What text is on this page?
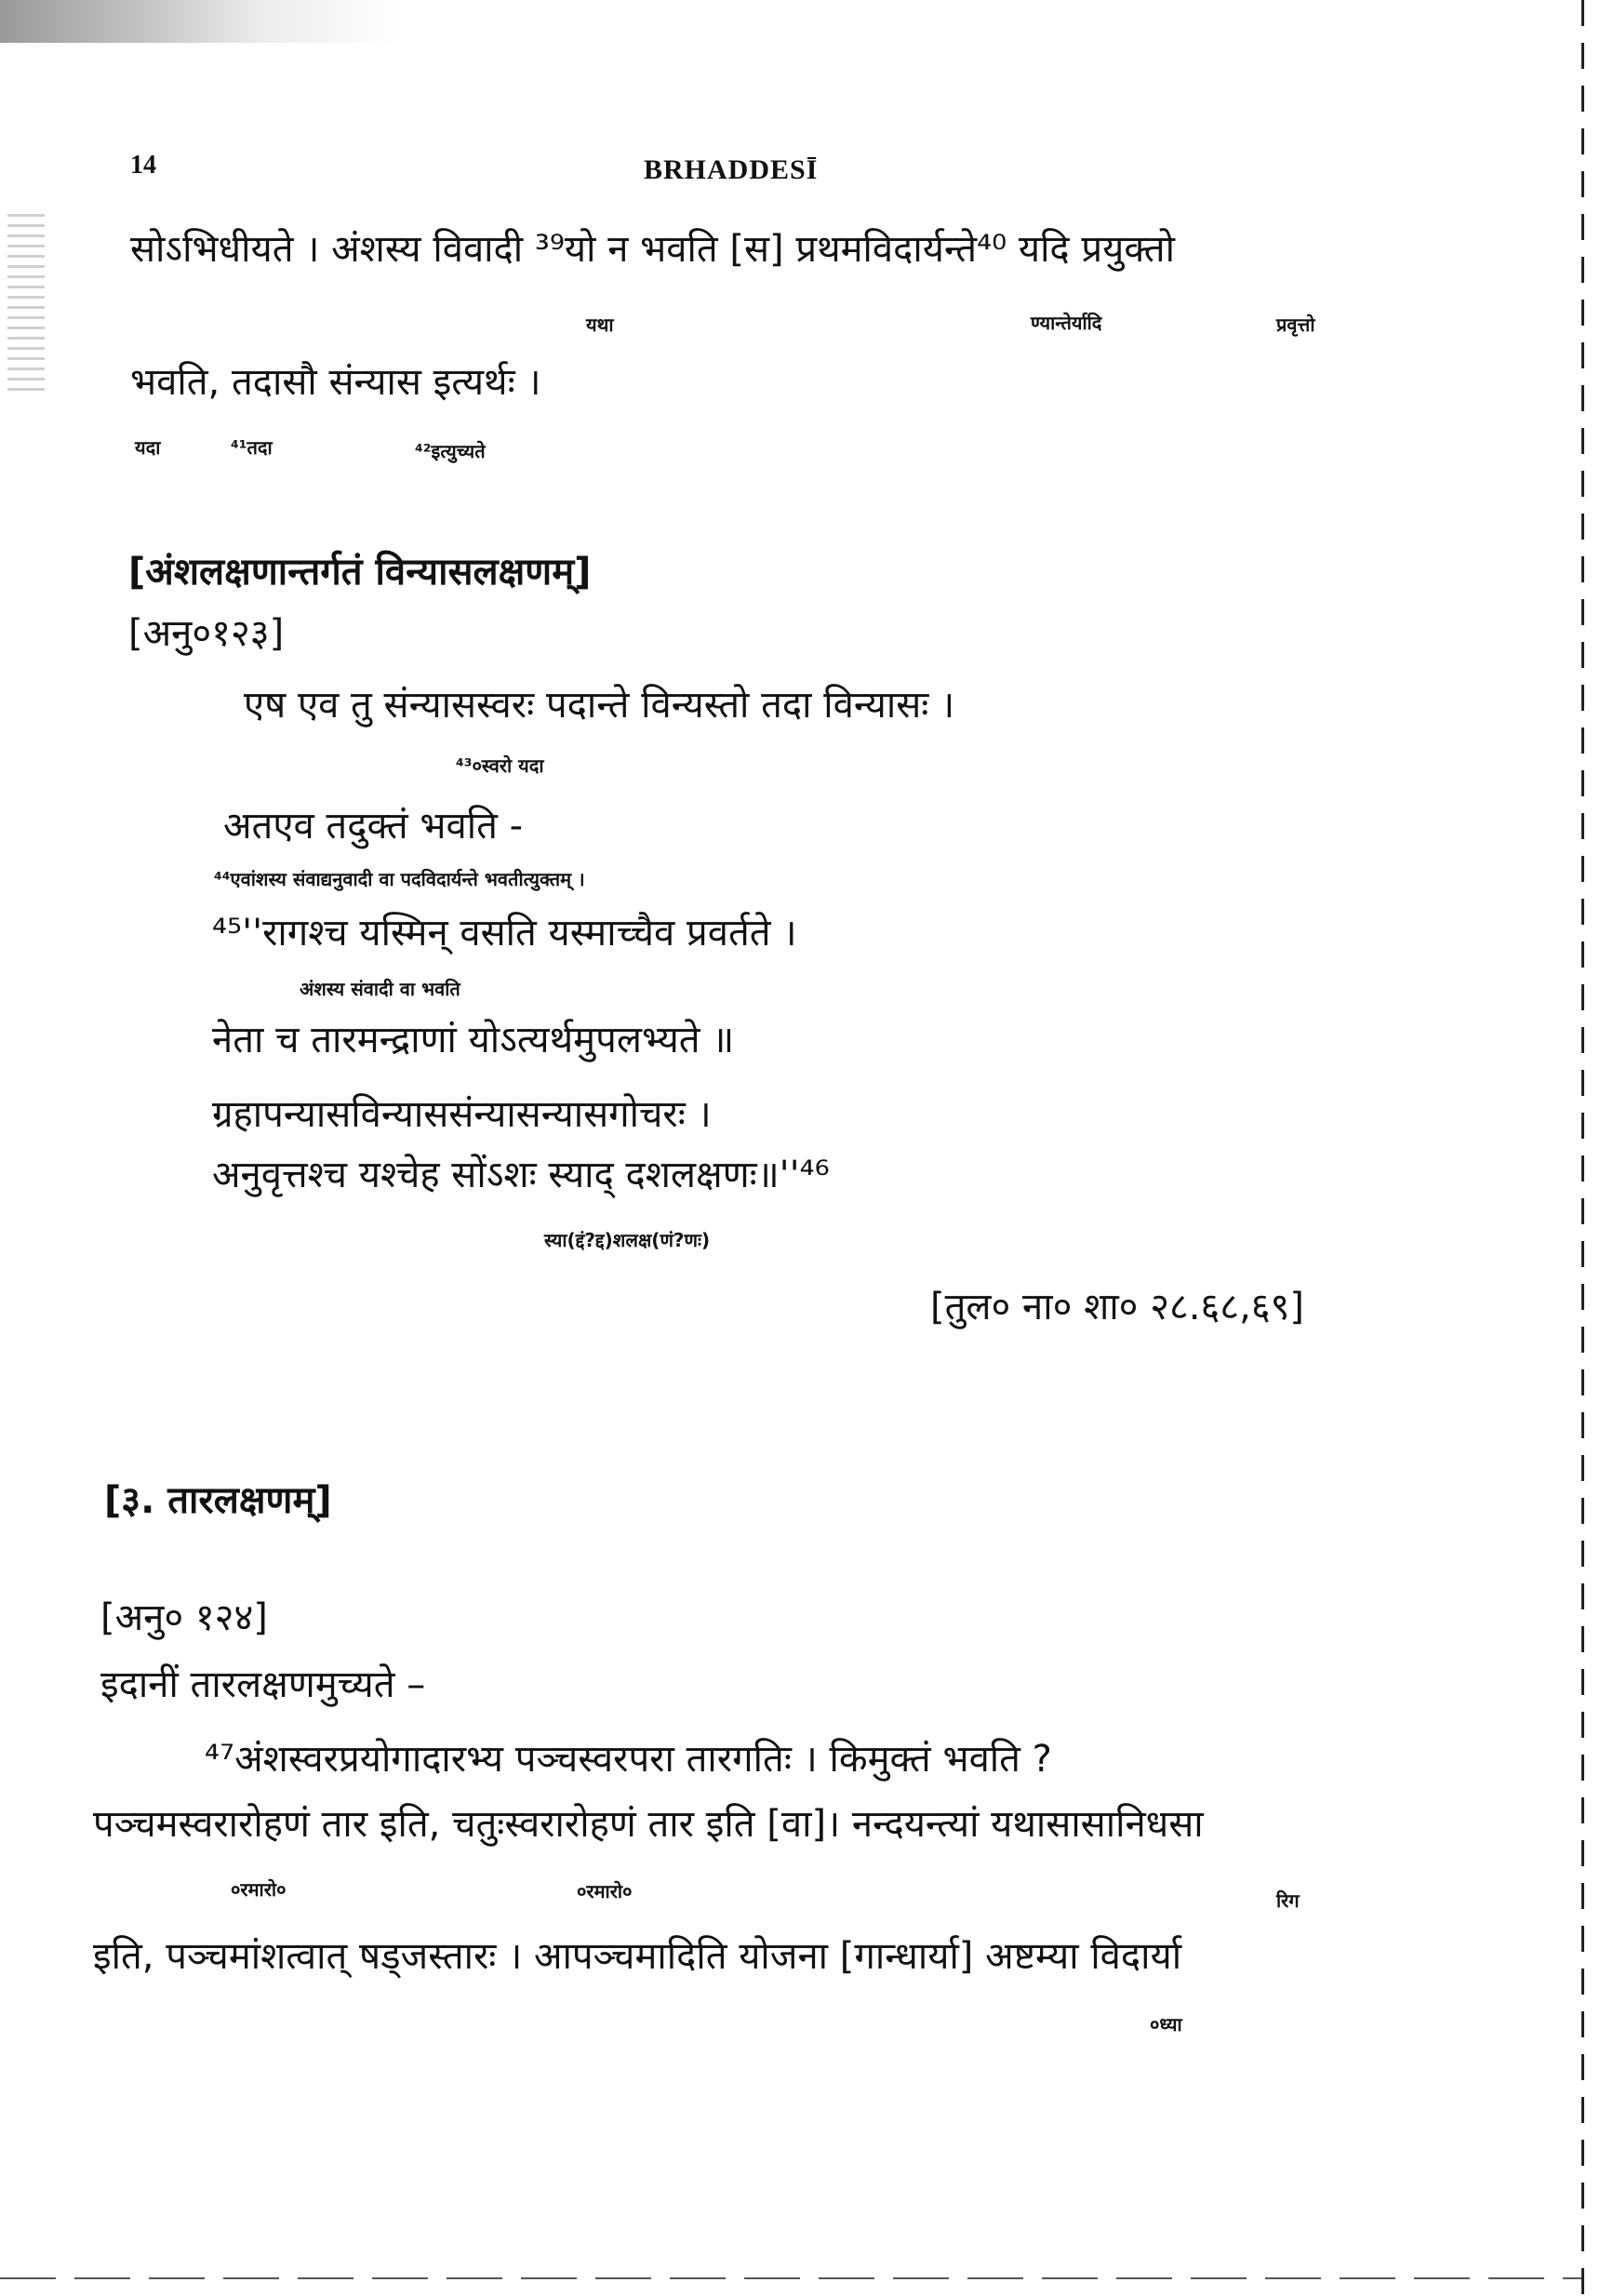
14	BRHADDESĪ
सोऽभिधीयते । अंशस्य विवादी ³⁹यो न भवति [स] प्रथमविदार्यन्ते⁴⁰ यदि प्रयुक्तो
यथा	ण्यान्तेर्यादि	प्रवृत्तो
भवति, तदासौ संन्यास इत्यर्थः ।
यदा	⁴¹तदा	⁴²इत्युच्यते
[अंशलक्षणान्तर्गतं विन्यासलक्षणम्]
[अनु०१२३]
एष एव तु संन्यासस्वरः पदान्ते विन्यस्तो तदा विन्यासः ।
⁴³०स्वरो यदा
अतएव तदुक्तं भवति -
⁴⁴एवांशस्य संवाद्यनुवादी वा पदविदार्यन्ते भवतीत्युक्तम् ।
⁴⁵''रागश्च यस्मिन् वसति यस्माच्चैव प्रवर्तते ।
अंशस्य संवादी वा भवति
नेता च तारमन्द्राणां योऽत्यर्थमुपलभ्यते ॥
ग्रहापन्यासविन्याससंन्यासन्यासगोचरः ।
अनुवृत्तश्च यश्चेह सोंऽशः स्याद् दशलक्षणः॥''⁴⁶
स्या(द्दं?द्द)शलक्ष(णं?णः)
[तुल० ना० शा० २८.६८,६९]
[३. तारलक्षणम्]
[अनु० १२४]
इदानीं तारलक्षणमुच्यते –
⁴⁷अंशस्वरप्रयोगादारभ्य पञ्चस्वरपरा तारगतिः । किमुक्तं भवति ?
पञ्चमस्वरारोहणं तार इति, चतुःस्वरारोहणं तार इति [वा]। नन्दयन्त्यां यथासासानिधसा
०रमारो०	०रमारो०	रिग
इति, पञ्चमांशत्वात् षड्जस्तारः । आपञ्चमादिति योजना [गान्धार्या] अष्टम्या विदार्या
०ध्या
